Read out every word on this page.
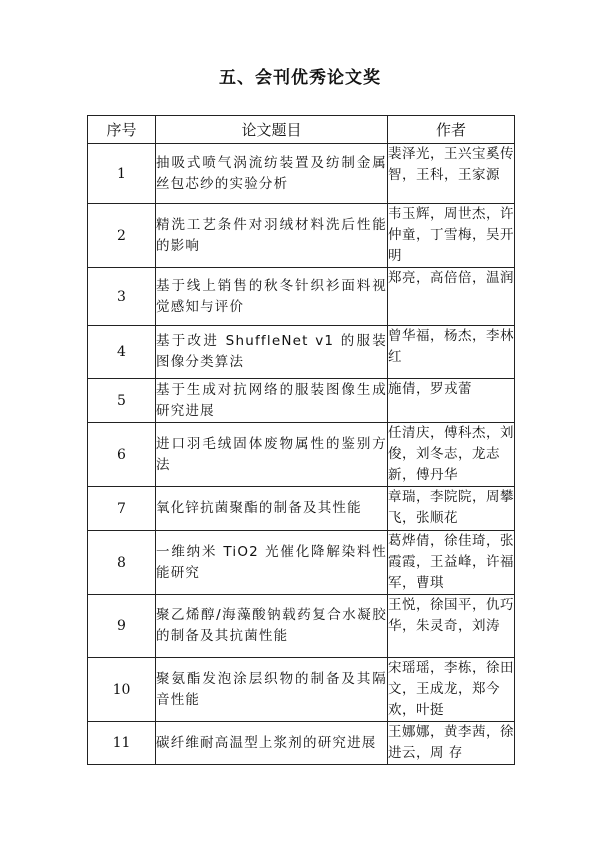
五、会刊优秀论文奖
序号	论文题目	作者
1	抽吸式喷气涡流纺装置及纺制金属丝包芯纱的实验分析	裴泽光，王兴宝奚传智，王科，王家源
2	精洗工艺条件对羽绒材料洗后性能的影响	韦玉辉，周世杰，许仲童，丁雪梅，吴开明
3	基于线上销售的秋冬针织衫面料视觉感知与评价	郑亮，高倍倍，温润
4	基于改进 ShuffleNet v1 的服装图像分类算法	曾华福，杨杰，李林红
5	基于生成对抗网络的服装图像生成研究进展	施倩，罗戎蕾
6	进口羽毛绒固体废物属性的鉴别方法	任清庆，傅科杰，刘俊，刘冬志，龙志新，傅丹华
7	氧化锌抗菌聚酯的制备及其性能	章瑞，李院院，周攀飞，张顺花
8	一维纳米 TiO2 光催化降解染料性能研究	葛烨倩，徐佳琦，张霞霞，王益峰，许福军，曹琪
9	聚乙烯醇/海藻酸钠载药复合水凝胶的制备及其抗菌性能	王悦，徐国平，仇巧华，朱灵奇，刘涛
10	聚氨酯发泡涂层织物的制备及其隔音性能	宋瑶瑶，李栋，徐田文，王成龙，郑今欢，叶挺
11	碳纤维耐高温型上浆剂的研究进展	王娜娜，黄李茜，徐进云，周 存
